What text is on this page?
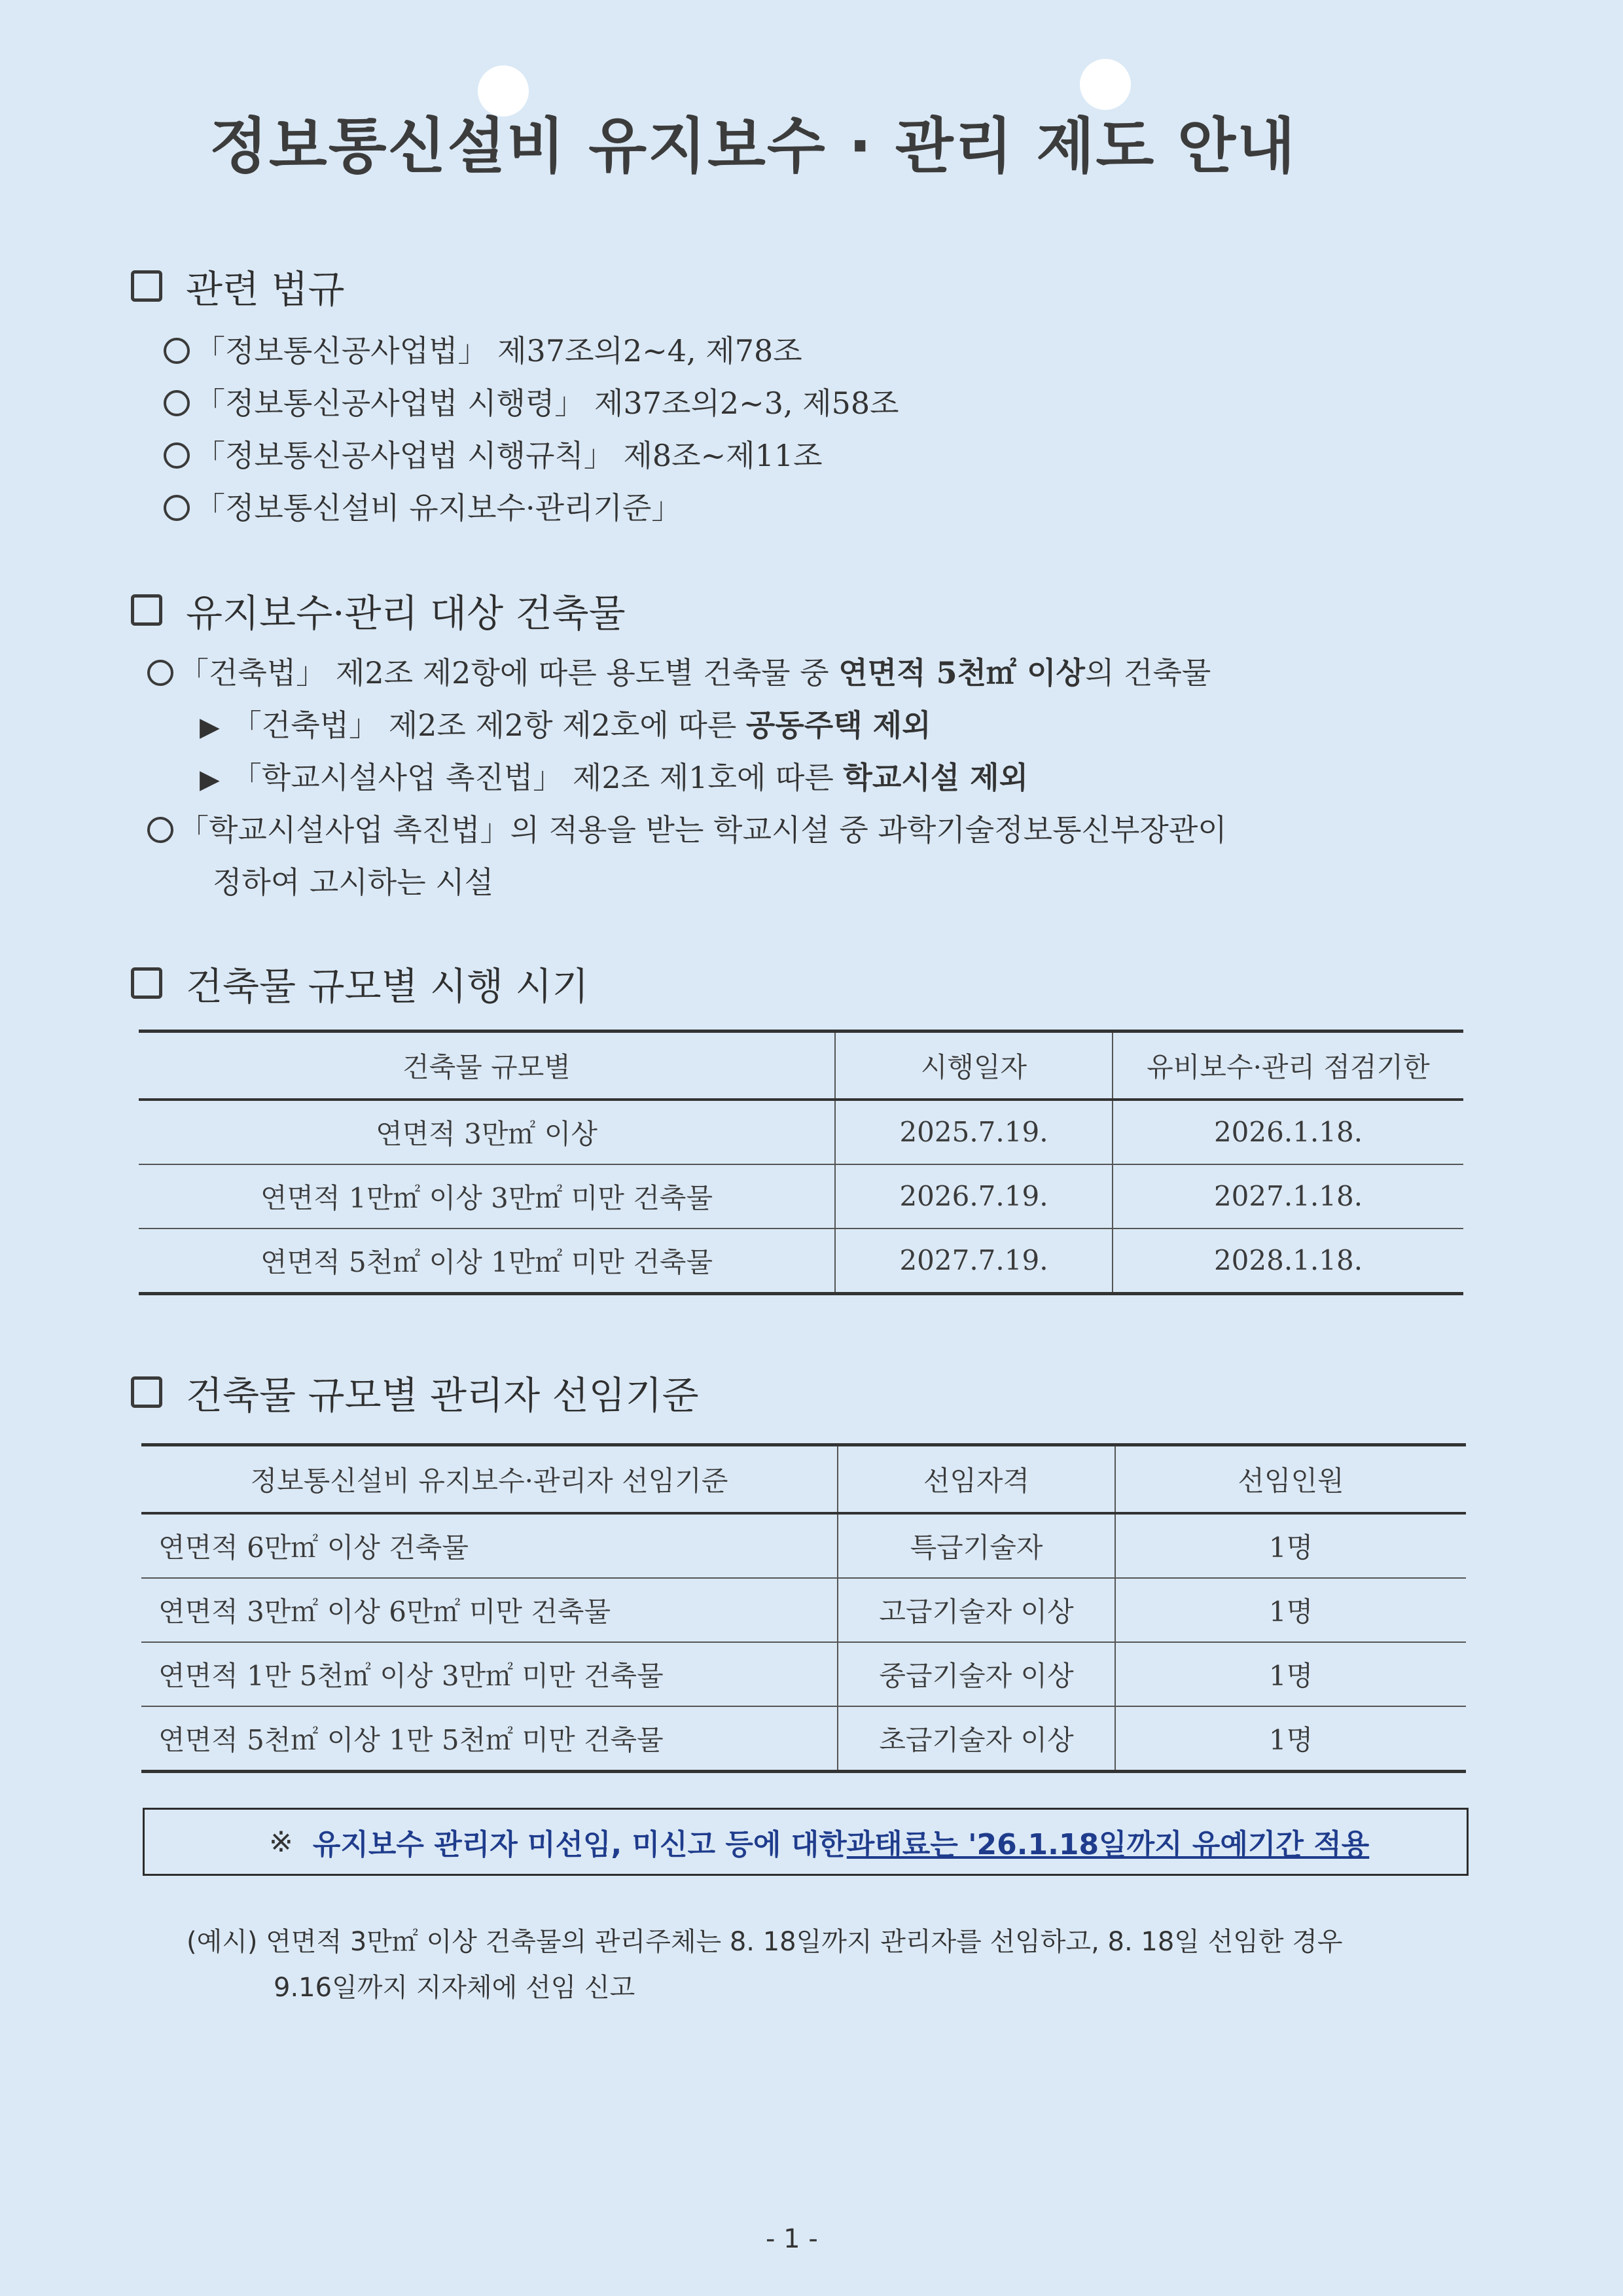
정보통신설비 유지보수 · 관리 제도 안내
관련 법규
「정보통신공사업법」 제37조의2~4, 제78조
「정보통신공사업법 시행령」 제37조의2~3, 제58조
「정보통신공사업법 시행규칙」 제8조~제11조
「정보통신설비 유지보수·관리기준」
유지보수·관리 대상 건축물
「건축법」 제2조 제2항에 따른 용도별 건축물 중 연면적 5천㎡ 이상의 건축물
▶ 「건축법」 제2조 제2항 제2호에 따른 공동주택 제외
▶ 「학교시설사업 촉진법」 제2조 제1호에 따른 학교시설 제외
「학교시설사업 촉진법」의 적용을 받는 학교시설 중 과학기술정보통신부장관이
정하여 고시하는 시설
건축물 규모별 시행 시기
건축물 규모별	시행일자	유비보수·관리 점검기한
연면적 3만㎡ 이상	2025.7.19.	2026.1.18.
연면적 1만㎡ 이상 3만㎡ 미만 건축물	2026.7.19.	2027.1.18.
연면적 5천㎡ 이상 1만㎡ 미만 건축물	2027.7.19.	2028.1.18.
건축물 규모별 관리자 선임기준
정보통신설비 유지보수·관리자 선임기준	선임자격	선임인원
연면적 6만㎡ 이상 건축물	특급기술자	1명
연면적 3만㎡ 이상 6만㎡ 미만 건축물	고급기술자 이상	1명
연면적 1만 5천㎡ 이상 3만㎡ 미만 건축물	중급기술자 이상	1명
연면적 5천㎡ 이상 1만 5천㎡ 미만 건축물	초급기술자 이상	1명
※ 유지보수 관리자 미선임, 미신고 등에 대한 과태료는 '26.1.18일까지 유예기간 적용
(예시) 연면적 3만㎡ 이상 건축물의 관리주체는 8. 18일까지 관리자를 선임하고, 8. 18일 선임한 경우
9.16일까지 지자체에 선임 신고
- 1 -
